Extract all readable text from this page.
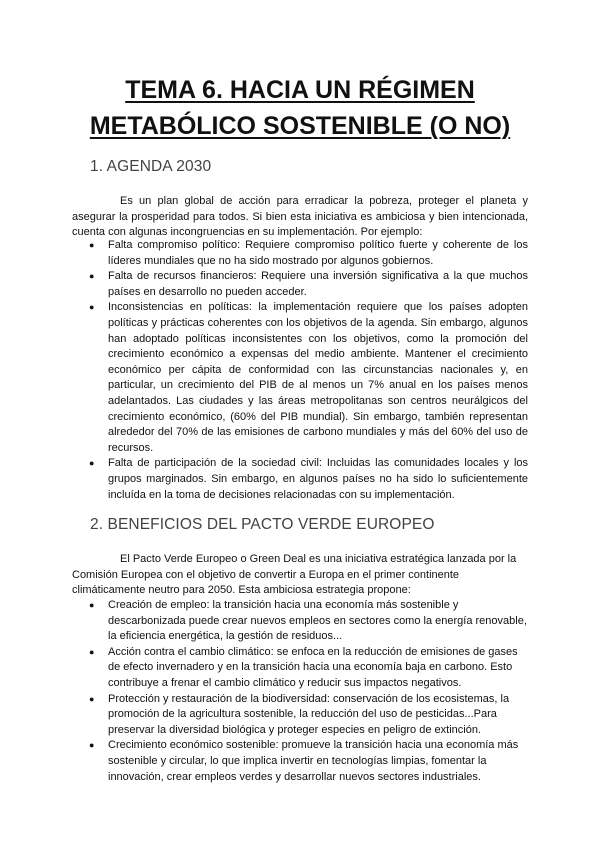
TEMA 6. HACIA UN RÉGIMEN METABÓLICO SOSTENIBLE (O NO)
1. AGENDA 2030

Es un plan global de acción para erradicar la pobreza, proteger el planeta y asegurar la prosperidad para todos. Si bien esta iniciativa es ambiciosa y bien intencionada, cuenta con algunas incongruencias en su implementación. Por ejemplo:

● Falta compromiso político: Requiere compromiso político fuerte y coherente de los líderes mundiales que no ha sido mostrado por algunos gobiernos.
● Falta de recursos financieros: Requiere una inversión significativa a la que muchos países en desarrollo no pueden acceder.
● Inconsistencias en políticas: la implementación requiere que los países adopten políticas y prácticas coherentes con los objetivos de la agenda. Sin embargo, algunos han adoptado políticas inconsistentes con los objetivos, como la promoción del crecimiento económico a expensas del medio ambiente. Mantener el crecimiento económico per cápita de conformidad con las circunstancias nacionales y, en particular, un crecimiento del PIB de al menos un 7% anual en los países menos adelantados. Las ciudades y las áreas metropolitanas son centros neurálgicos del crecimiento económico, (60% del PIB mundial). Sin embargo, también representan alrededor del 70% de las emisiones de carbono mundiales y más del 60% del uso de recursos.
● Falta de participación de la sociedad civil: Incluidas las comunidades locales y los grupos marginados. Sin embargo, en algunos países no ha sido lo suficientemente incluída en la toma de decisiones relacionadas con su implementación.
2. BENEFICIOS DEL PACTO VERDE EUROPEO

El Pacto Verde Europeo o Green Deal es una iniciativa estratégica lanzada por la Comisión Europea con el objetivo de convertir a Europa en el primer continente climáticamente neutro para 2050. Esta ambiciosa estrategia propone:

● Creación de empleo: la transición hacia una economía más sostenible y descarbonizada puede crear nuevos empleos en sectores como la energía renovable, la eficiencia energética, la gestión de residuos...
● Acción contra el cambio climático: se enfoca en la reducción de emisiones de gases de efecto invernadero y en la transición hacia una economía baja en carbono. Esto contribuye a frenar el cambio climático y reducir sus impactos negativos.
● Protección y restauración de la biodiversidad: conservación de los ecosistemas, la promoción de la agricultura sostenible, la reducción del uso de pesticidas...Para preservar la diversidad biológica y proteger especies en peligro de extinción.
● Crecimiento económico sostenible: promueve la transición hacia una economía más sostenible y circular, lo que implica invertir en tecnologías limpias, fomentar la innovación, crear empleos verdes y desarrollar nuevos sectores industriales.
